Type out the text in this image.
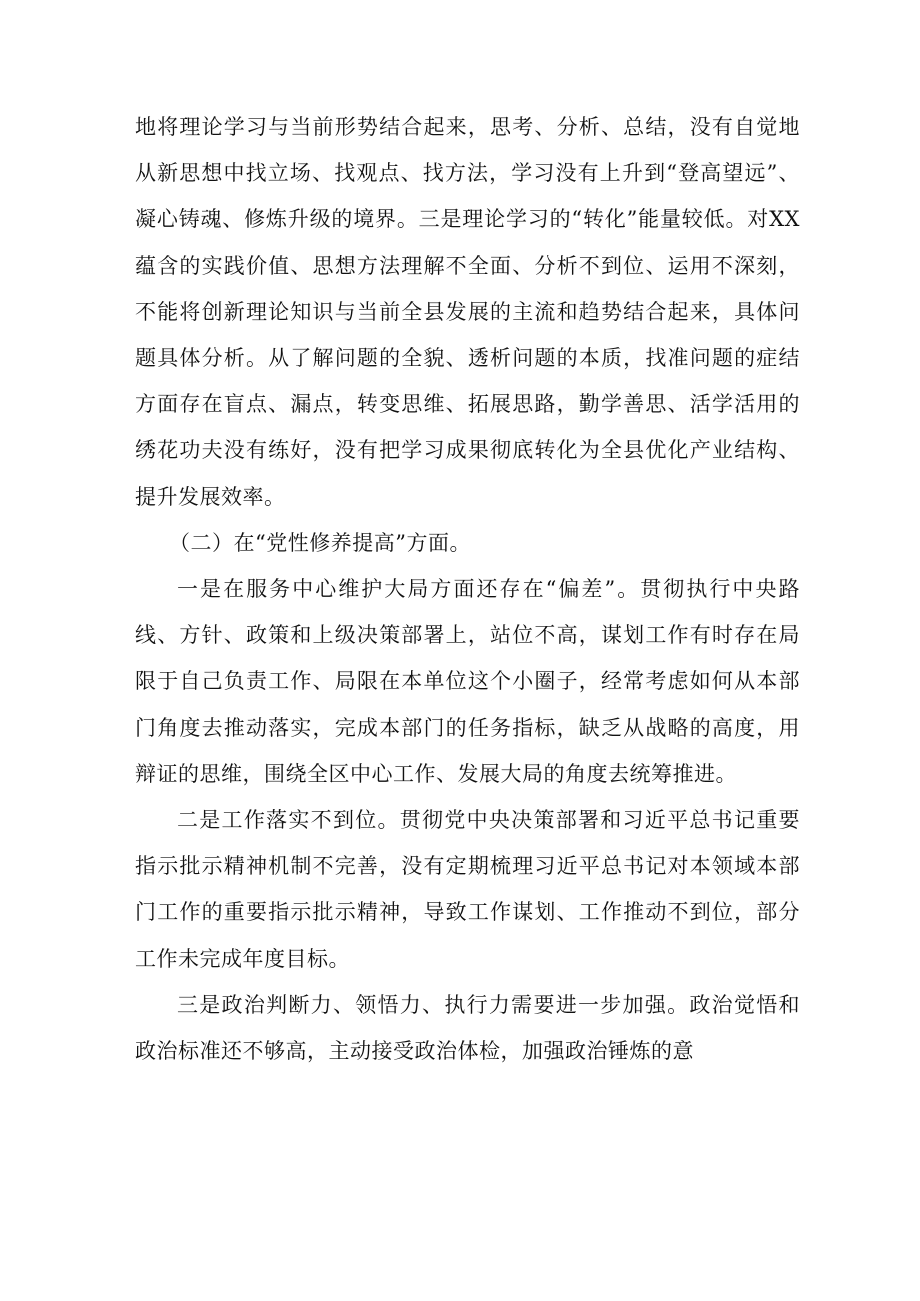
地将理论学习与当前形势结合起来，思考、分析、总结，没有自觉地从新思想中找立场、找观点、找方法，学习没有上升到“登高望远”、凝心铸魂、修炼升级的境界。三是理论学习的“转化”能量较低。对XX蕴含的实践价值、思想方法理解不全面、分析不到位、运用不深刻，不能将创新理论知识与当前全县发展的主流和趋势结合起来，具体问题具体分析。从了解问题的全貌、透析问题的本质，找准问题的症结方面存在盲点、漏点，转变思维、拓展思路，勤学善思、活学活用的绣花功夫没有练好，没有把学习成果彻底转化为全县优化产业结构、提升发展效率。

（二）在“党性修养提高”方面。

一是在服务中心维护大局方面还存在“偏差”。贯彻执行中央路线、方针、政策和上级决策部署上，站位不高，谋划工作有时存在局限于自己负责工作、局限在本单位这个小圈子，经常考虑如何从本部门角度去推动落实，完成本部门的任务指标，缺乏从战略的高度，用辩证的思维，围绕全区中心工作、发展大局的角度去统筹推进。

二是工作落实不到位。贯彻党中央决策部署和习近平总书记重要指示批示精神机制不完善，没有定期梳理习近平总书记对本领域本部门工作的重要指示批示精神，导致工作谋划、工作推动不到位，部分工作未完成年度目标。

三是政治判断力、领悟力、执行力需要进一步加强。政治觉悟和政治标准还不够高，主动接受政治体检，加强政治锤炼的意
